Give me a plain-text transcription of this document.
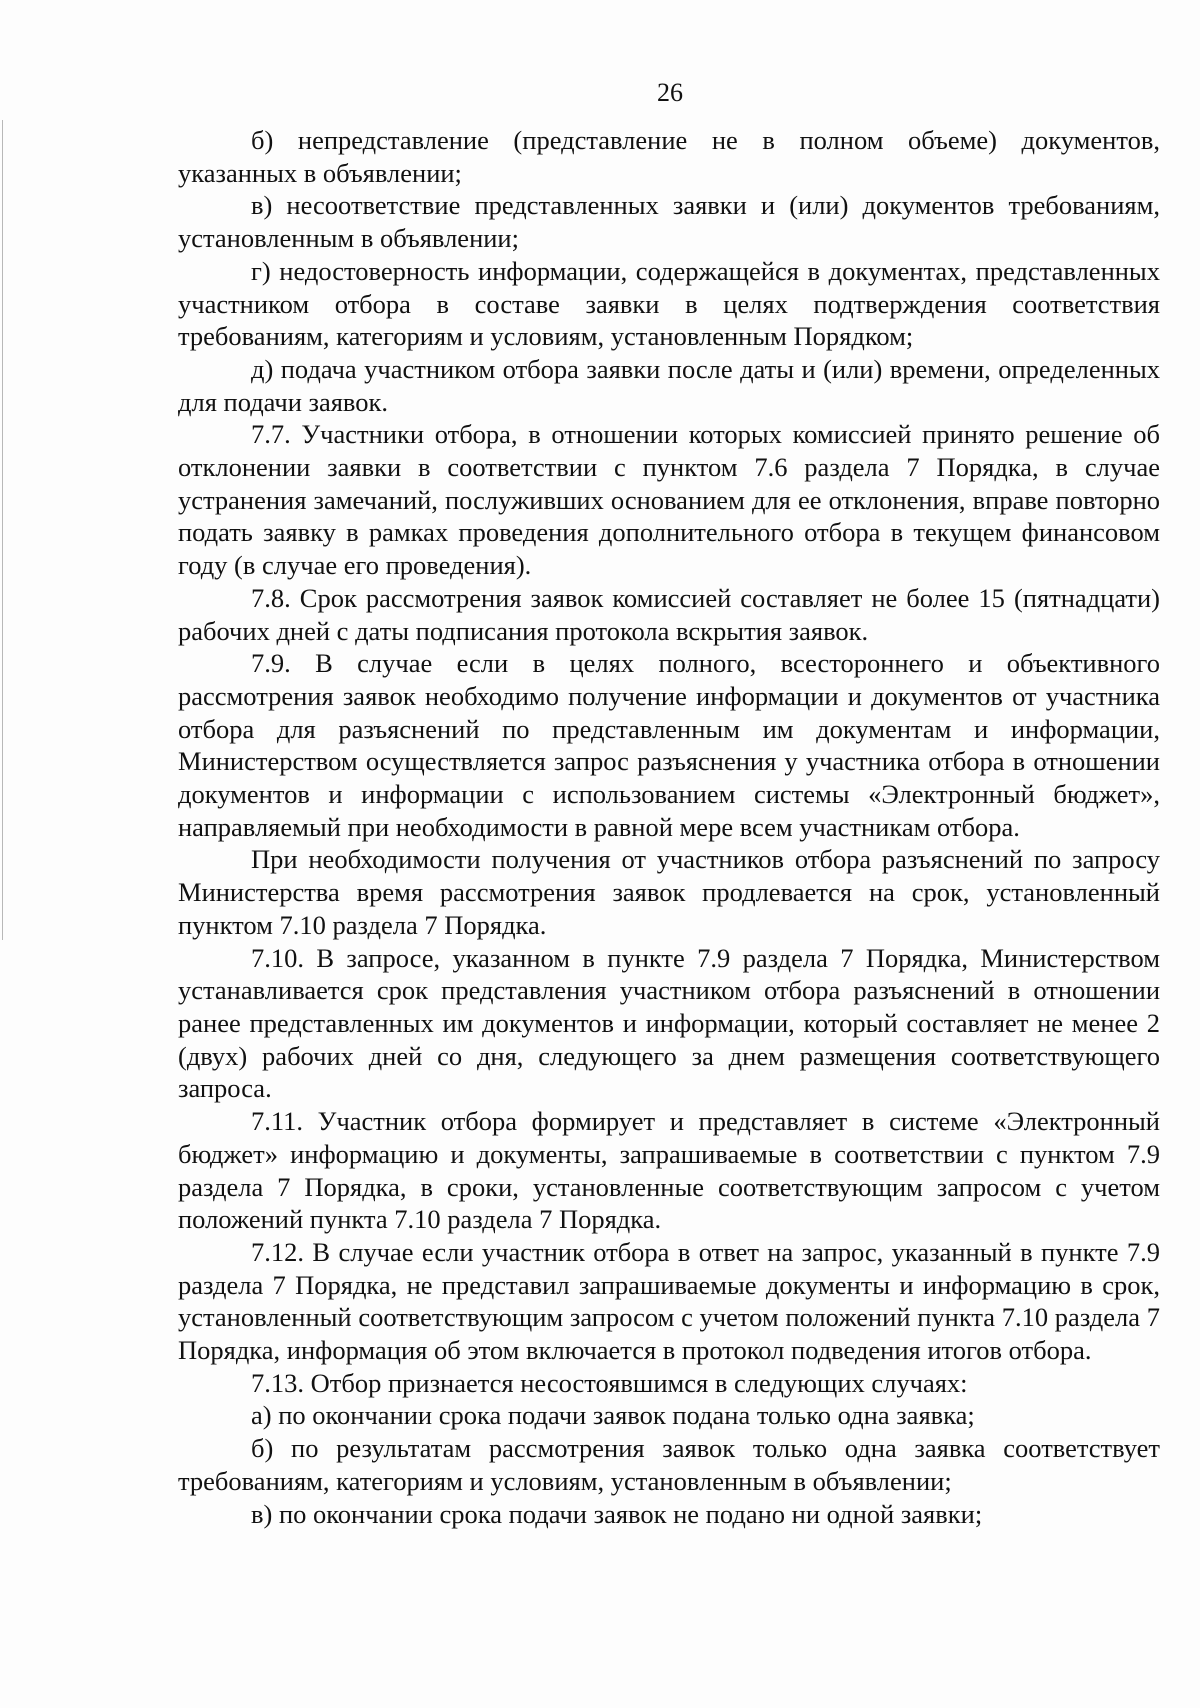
26

б) непредставление (представление не в полном объеме) документов, указанных в объявлении;

в) несоответствие представленных заявки и (или) документов требованиям, установленным в объявлении;

г) недостоверность информации, содержащейся в документах, представленных участником отбора в составе заявки в целях подтверждения соответствия требованиям, категориям и условиям, установленным Порядком;

д) подача участником отбора заявки после даты и (или) времени, определенных для подачи заявок.

7.7. Участники отбора, в отношении которых комиссией принято решение об отклонении заявки в соответствии с пунктом 7.6 раздела 7 Порядка, в случае устранения замечаний, послуживших основанием для ее отклонения, вправе повторно подать заявку в рамках проведения дополнительного отбора в текущем финансовом году (в случае его проведения).

7.8. Срок рассмотрения заявок комиссией составляет не более 15 (пятнадцати) рабочих дней с даты подписания протокола вскрытия заявок.

7.9. В случае если в целях полного, всестороннего и объективного рассмотрения заявок необходимо получение информации и документов от участника отбора для разъяснений по представленным им документам и информации, Министерством осуществляется запрос разъяснения у участника отбора в отношении документов и информации с использованием системы «Электронный бюджет», направляемый при необходимости в равной мере всем участникам отбора.

При необходимости получения от участников отбора разъяснений по запросу Министерства время рассмотрения заявок продлевается на срок, установленный пунктом 7.10 раздела 7 Порядка.

7.10. В запросе, указанном в пункте 7.9 раздела 7 Порядка, Министерством устанавливается срок представления участником отбора разъяснений в отношении ранее представленных им документов и информации, который составляет не менее 2 (двух) рабочих дней со дня, следующего за днем размещения соответствующего запроса.

7.11. Участник отбора формирует и представляет в системе «Электронный бюджет» информацию и документы, запрашиваемые в соответствии с пунктом 7.9 раздела 7 Порядка, в сроки, установленные соответствующим запросом с учетом положений пункта 7.10 раздела 7 Порядка.

7.12. В случае если участник отбора в ответ на запрос, указанный в пункте 7.9 раздела 7 Порядка, не представил запрашиваемые документы и информацию в срок, установленный соответствующим запросом с учетом положений пункта 7.10 раздела 7 Порядка, информация об этом включается в протокол подведения итогов отбора.

7.13. Отбор признается несостоявшимся в следующих случаях:

а) по окончании срока подачи заявок подана только одна заявка;

б) по результатам рассмотрения заявок только одна заявка соответствует требованиям, категориям и условиям, установленным в объявлении;

в) по окончании срока подачи заявок не подано ни одной заявки;
